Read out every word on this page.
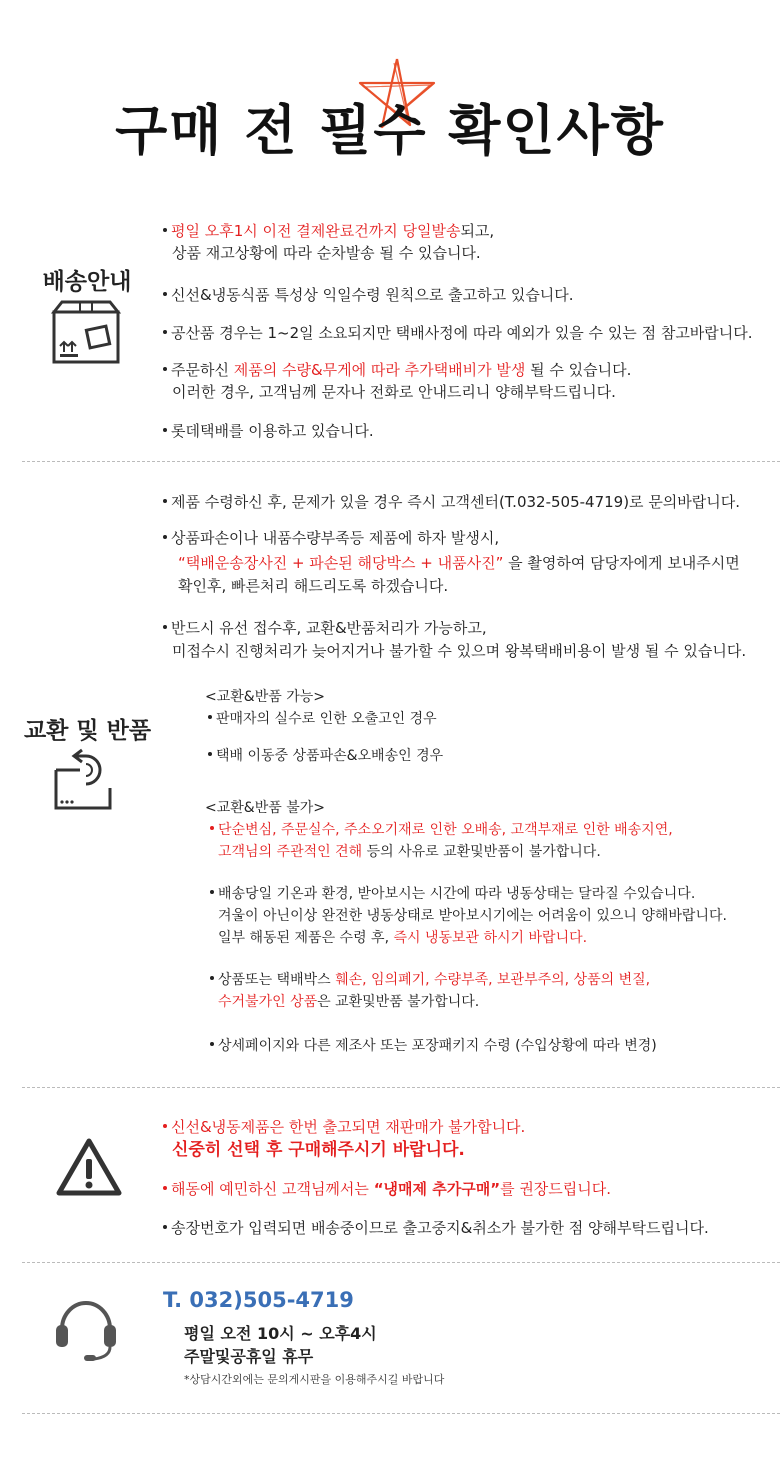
구매 전 필수 확인사항
배송안내
평일 오후1시 이전 결제완료건까지 당일발송되고,
상품 재고상황에 따라 순차발송 될 수 있습니다.
신선&냉동식품 특성상 익일수령 원칙으로 출고하고 있습니다.
공산품 경우는 1~2일 소요되지만 택배사정에 따라 예외가 있을 수 있는 점 참고바랍니다.
주문하신 제품의 수량&무게에 따라 추가택배비가 발생 될 수 있습니다.
이러한 경우, 고객님께 문자나 전화로 안내드리니 양해부탁드립니다.
롯데택배를 이용하고 있습니다.
교환 및 반품
제품 수령하신 후, 문제가 있을 경우 즉시 고객센터(T.032-505-4719)로 문의바랍니다.
상품파손이나 내품수량부족등 제품에 하자 발생시,
“택배운송장사진 + 파손된 해당박스 + 내품사진” 을 촬영하여 담당자에게 보내주시면
확인후, 빠른처리 해드리도록 하겠습니다.
반드시 유선 접수후, 교환&반품처리가 가능하고,
미접수시 진행처리가 늦어지거나 불가할 수 있으며 왕복택배비용이 발생 될 수 있습니다.
<교환&반품 가능>
판매자의 실수로 인한 오출고인 경우
택배 이동중 상품파손&오배송인 경우
<교환&반품 불가>
단순변심, 주문실수, 주소오기재로 인한 오배송, 고객부재로 인한 배송지연,
고객님의 주관적인 견해 등의 사유로 교환및반품이 불가합니다.
배송당일 기온과 환경, 받아보시는 시간에 따라 냉동상태는 달라질 수있습니다.
겨울이 아닌이상 완전한 냉동상태로 받아보시기에는 어려움이 있으니 양해바랍니다.
일부 해동된 제품은 수령 후, 즉시 냉동보관 하시기 바랍니다.
상품또는 택배박스 훼손, 임의폐기, 수량부족, 보관부주의, 상품의 변질,
수거불가인 상품은 교환및반품 불가합니다.
상세페이지와 다른 제조사 또는 포장패키지 수령 (수입상황에 따라 변경)
신선&냉동제품은 한번 출고되면 재판매가 불가합니다.
신중히 선택 후 구매해주시기 바랍니다.
해동에 예민하신 고객님께서는 “냉매제 추가구매”를 권장드립니다.
송장번호가 입력되면 배송중이므로 출고중지&취소가 불가한 점 양해부탁드립니다.
T. 032)505-4719
평일 오전 10시 ~ 오후4시
주말및공휴일 휴무
*상담시간외에는 문의게시판을 이용해주시길 바랍니다
